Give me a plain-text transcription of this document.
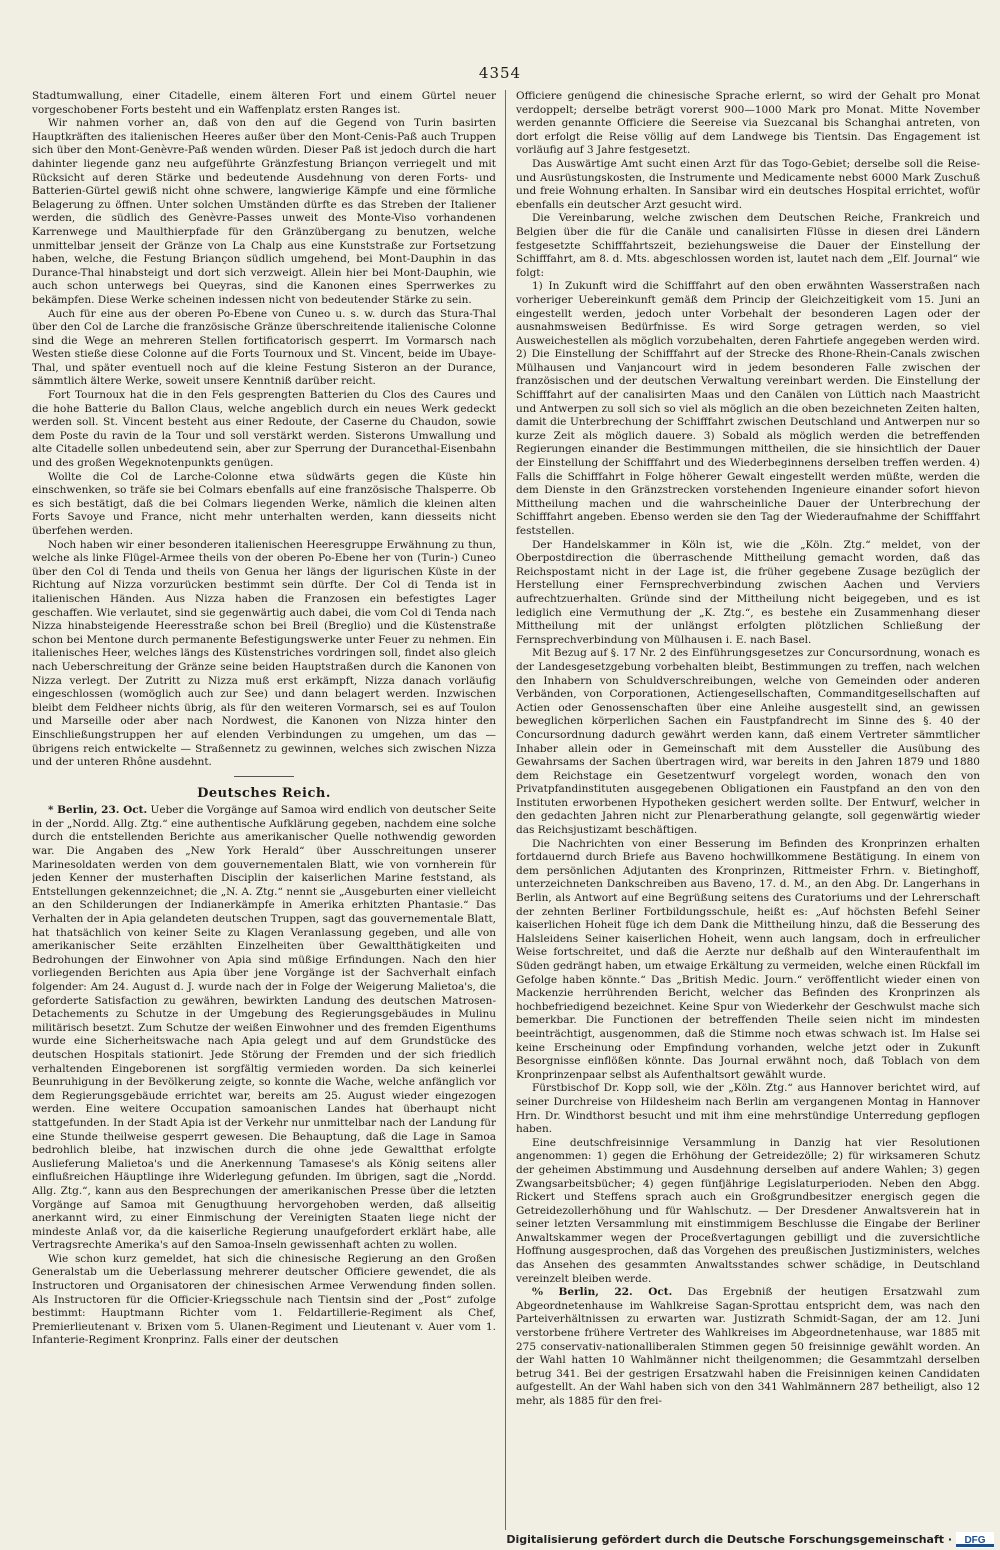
4354

Stadtumwallung, einer Citadelle, einem älteren Fort und einem Gürtel neuer vorgeschobener Forts besteht und ein Waffenplatz ersten Ranges ist.

Wir nahmen vorher an, daß von den auf die Gegend von Turin basirten Hauptkräften des italienischen Heeres außer über den Mont-Cenis-Paß auch Truppen sich über den Mont-Genèvre-Paß wenden würden. Dieser Paß ist jedoch durch die hart dahinter liegende ganz neu aufgeführte Gränzfestung Briançon verriegelt und mit Rücksicht auf deren Stärke und bedeutende Ausdehnung von deren Forts- und Batterien-Gürtel gewiß nicht ohne schwere, langwierige Kämpfe und eine förmliche Belagerung zu öffnen. Unter solchen Umständen dürfte es das Streben der Italiener werden, die südlich des Genèvre-Passes unweit des Monte-Viso vorhandenen Karrenwege und Maulthierpfade für den Gränzübergang zu benutzen, welche unmittelbar jenseit der Gränze von La Chalp aus eine Kunststraße zur Fortsetzung haben, welche, die Festung Briançon südlich umgehend, bei Mont-Dauphin in das Durance-Thal hinabsteigt und dort sich verzweigt. Allein hier bei Mont-Dauphin, wie auch schon unterwegs bei Queyras, sind die Kanonen eines Sperrwerkes zu bekämpfen. Diese Werke scheinen indessen nicht von bedeutender Stärke zu sein.

Auch für eine aus der oberen Po-Ebene von Cuneo u. s. w. durch das Stura-Thal über den Col de Larche die französische Gränze überschreitende italienische Colonne sind die Wege an mehreren Stellen fortificatorisch gesperrt. Im Vormarsch nach Westen stieße diese Colonne auf die Forts Tournoux und St. Vincent, beide im Ubaye-Thal, und später eventuell noch auf die kleine Festung Sisteron an der Durance, sämmtlich ältere Werke, soweit unsere Kenntniß darüber reicht.

Fort Tournoux hat die in den Fels gesprengten Batterien du Clos des Caures und die hohe Batterie du Ballon Claus, welche angeblich durch ein neues Werk gedeckt werden soll. St. Vincent besteht aus einer Redoute, der Caserne du Chaudon, sowie dem Poste du ravin de la Tour und soll verstärkt werden. Sisterons Umwallung und alte Citadelle sollen unbedeutend sein, aber zur Sperrung der Durancethal-Eisenbahn und des großen Wegeknotenpunkts genügen.

Wollte die Col de Larche-Colonne etwa südwärts gegen die Küste hin einschwenken, so träfe sie bei Colmars ebenfalls auf eine französische Thalsperre. Ob es sich bestätigt, daß die bei Colmars liegenden Werke, nämlich die kleinen alten Forts Savoye und France, nicht mehr unterhalten werden, kann diesseits nicht überfehen werden.

Noch haben wir einer besonderen italienischen Heeresgruppe Erwähnung zu thun, welche als linke Flügel-Armee theils von der oberen Po-Ebene her von (Turin-) Cuneo über den Col di Tenda und theils von Genua her längs der ligurischen Küste in der Richtung auf Nizza vorzurücken bestimmt sein dürfte. Der Col di Tenda ist in italienischen Händen. Aus Nizza haben die Franzosen ein befestigtes Lager geschaffen. Wie verlautet, sind sie gegenwärtig auch dabei, die vom Col di Tenda nach Nizza hinabsteigende Heeresstraße schon bei Breil (Breglio) und die Küstenstraße schon bei Mentone durch permanente Befestigungswerke unter Feuer zu nehmen. Ein italienisches Heer, welches längs des Küstenstriches vordringen soll, findet also gleich nach Ueberschreitung der Gränze seine beiden Hauptstraßen durch die Kanonen von Nizza verlegt. Der Zutritt zu Nizza muß erst erkämpft, Nizza danach vorläufig eingeschlossen (womöglich auch zur See) und dann belagert werden. Inzwischen bleibt dem Feldheer nichts übrig, als für den weiteren Vormarsch, sei es auf Toulon und Marseille oder aber nach Nordwest, die Kanonen von Nizza hinter den Einschließungstruppen her auf elenden Verbindungen zu umgehen, um das — übrigens reich entwickelte — Straßennetz zu gewinnen, welches sich zwischen Nizza und der unteren Rhône ausdehnt.

Deutsches Reich.

* Berlin, 23. Oct. Ueber die Vorgänge auf Samoa wird endlich von deutscher Seite in der „Nordd. Allg. Ztg.“ eine authentische Aufklärung gegeben, nachdem eine solche durch die entstellenden Berichte aus amerikanischer Quelle nothwendig geworden war. Die Angaben des „New York Herald“ über Ausschreitungen unserer Marinesoldaten werden von dem gouvernementalen Blatt, wie von vornherein für jeden Kenner der musterhaften Disciplin der kaiserlichen Marine feststand, als Entstellungen gekennzeichnet; die „N. A. Ztg.“ nennt sie „Ausgeburten einer vielleicht an den Schilderungen der Indianerkämpfe in Amerika erhitzten Phantasie.“ Das Verhalten der in Apia gelandeten deutschen Truppen, sagt das gouvernementale Blatt, hat thatsächlich von keiner Seite zu Klagen Veranlassung gegeben, und alle von amerikanischer Seite erzählten Einzelheiten über Gewaltthätigkeiten und Bedrohungen der Einwohner von Apia sind müßige Erfindungen. Nach den hier vorliegenden Berichten aus Apia über jene Vorgänge ist der Sachverhalt einfach folgender: Am 24. August d. J. wurde nach der in Folge der Weigerung Malietoa's, die geforderte Satisfaction zu gewähren, bewirkten Landung des deutschen Matrosen-Detachements zu Schutze in der Umgebung des Regierungsgebäudes in Mulinu militärisch besetzt. Zum Schutze der weißen Einwohner und des fremden Eigenthums wurde eine Sicherheitswache nach Apia gelegt und auf dem Grundstücke des deutschen Hospitals stationirt. Jede Störung der Fremden und der sich friedlich verhaltenden Eingeborenen ist sorgfältig vermieden worden. Da sich keinerlei Beunruhigung in der Bevölkerung zeigte, so konnte die Wache, welche anfänglich vor dem Regierungsgebäude errichtet war, bereits am 25. August wieder eingezogen werden. Eine weitere Occupation samoanischen Landes hat überhaupt nicht stattgefunden. In der Stadt Apia ist der Verkehr nur unmittelbar nach der Landung für eine Stunde theilweise gesperrt gewesen. Die Behauptung, daß die Lage in Samoa bedrohlich bleibe, hat inzwischen durch die ohne jede Gewaltthat erfolgte Auslieferung Malietoa's und die Anerkennung Tamasese's als König seitens aller einflußreichen Häuptlinge ihre Widerlegung gefunden. Im übrigen, sagt die „Nordd. Allg. Ztg.“, kann aus den Besprechungen der amerikanischen Presse über die letzten Vorgänge auf Samoa mit Genugthuung hervorgehoben werden, daß allseitig anerkannt wird, zu einer Einmischung der Vereinigten Staaten liege nicht der mindeste Anlaß vor, da die kaiserliche Regierung unaufgefordert erklärt habe, alle Vertragsrechte Amerika's auf den Samoa-Inseln gewissenhaft achten zu wollen.

Wie schon kurz gemeldet, hat sich die chinesische Regierung an den Großen Generalstab um die Ueberlassung mehrerer deutscher Officiere gewendet, die als Instructoren und Organisatoren der chinesischen Armee Verwendung finden sollen. Als Instructoren für die Officier-Kriegsschule nach Tientsin sind der „Post“ zufolge bestimmt: Hauptmann Richter vom 1. Feldartillerie-Regiment als Chef, Premierlieutenant v. Brixen vom 5. Ulanen-Regiment und Lieutenant v. Auer vom 1. Infanterie-Regiment Kronprinz. Falls einer der deutschen

Officiere genügend die chinesische Sprache erlernt, so wird der Gehalt pro Monat verdoppelt; derselbe beträgt vorerst 900—1000 Mark pro Monat. Mitte November werden genannte Officiere die Seereise via Suezcanal bis Schanghai antreten, von dort erfolgt die Reise völlig auf dem Landwege bis Tientsin. Das Engagement ist vorläufig auf 3 Jahre festgesetzt.

Das Auswärtige Amt sucht einen Arzt für das Togo-Gebiet; derselbe soll die Reise- und Ausrüstungskosten, die Instrumente und Medicamente nebst 6000 Mark Zuschuß und freie Wohnung erhalten. In Sansibar wird ein deutsches Hospital errichtet, wofür ebenfalls ein deutscher Arzt gesucht wird.

Die Vereinbarung, welche zwischen dem Deutschen Reiche, Frankreich und Belgien über die für die Canäle und canalisirten Flüsse in diesen drei Ländern festgesetzte Schifffahrtszeit, beziehungsweise die Dauer der Einstellung der Schifffahrt, am 8. d. Mts. abgeschlossen worden ist, lautet nach dem „Elf. Journal“ wie folgt:

1) In Zukunft wird die Schifffahrt auf den oben erwähnten Wasserstraßen nach vorheriger Uebereinkunft gemäß dem Princip der Gleichzeitigkeit vom 15. Juni an eingestellt werden, jedoch unter Vorbehalt der besonderen Lagen oder der ausnahmsweisen Bedürfnisse. Es wird Sorge getragen werden, so viel Ausweichestellen als möglich vorzubehalten, deren Fahrtiefe angegeben werden wird. 2) Die Einstellung der Schifffahrt auf der Strecke des Rhone-Rhein-Canals zwischen Mülhausen und Vanjancourt wird in jedem besonderen Falle zwischen der französischen und der deutschen Verwaltung vereinbart werden. Die Einstellung der Schifffahrt auf der canalisirten Maas und den Canälen von Lüttich nach Maastricht und Antwerpen zu soll sich so viel als möglich an die oben bezeichneten Zeiten halten, damit die Unterbrechung der Schifffahrt zwischen Deutschland und Antwerpen nur so kurze Zeit als möglich dauere. 3) Sobald als möglich werden die betreffenden Regierungen einander die Bestimmungen mittheilen, die sie hinsichtlich der Dauer der Einstellung der Schifffahrt und des Wiederbeginnens derselben treffen werden. 4) Falls die Schifffahrt in Folge höherer Gewalt eingestellt werden müßte, werden die dem Dienste in den Gränzstrecken vorstehenden Ingenieure einander sofort hievon Mittheilung machen und die wahrscheinliche Dauer der Unterbrechung der Schifffahrt angeben. Ebenso werden sie den Tag der Wiederaufnahme der Schifffahrt feststellen.

Der Handelskammer in Köln ist, wie die „Köln. Ztg.“ meldet, von der Oberpostdirection die überraschende Mittheilung gemacht worden, daß das Reichspostamt nicht in der Lage ist, die früher gegebene Zusage bezüglich der Herstellung einer Fernsprechverbindung zwischen Aachen und Verviers aufrechtzuerhalten. Gründe sind der Mittheilung nicht beigegeben, und es ist lediglich eine Vermuthung der „K. Ztg.“, es bestehe ein Zusammenhang dieser Mittheilung mit der unlängst erfolgten plötzlichen Schließung der Fernsprechverbindung von Mülhausen i. E. nach Basel.

Mit Bezug auf §. 17 Nr. 2 des Einführungsgesetzes zur Concursordnung, wonach es der Landesgesetzgebung vorbehalten bleibt, Bestimmungen zu treffen, nach welchen den Inhabern von Schuldverschreibungen, welche von Gemeinden oder anderen Verbänden, von Corporationen, Actiengesellschaften, Commanditgesellschaften auf Actien oder Genossenschaften über eine Anleihe ausgestellt sind, an gewissen beweglichen körperlichen Sachen ein Faustpfandrecht im Sinne des §. 40 der Concursordnung dadurch gewährt werden kann, daß einem Vertreter sämmtlicher Inhaber allein oder in Gemeinschaft mit dem Aussteller die Ausübung des Gewahrsams der Sachen übertragen wird, war bereits in den Jahren 1879 und 1880 dem Reichstage ein Gesetzentwurf vorgelegt worden, wonach den von Privatpfandinstituten ausgegebenen Obligationen ein Faustpfand an den von den Instituten erworbenen Hypotheken gesichert werden sollte. Der Entwurf, welcher in den gedachten Jahren nicht zur Plenarberathung gelangte, soll gegenwärtig wieder das Reichsjustizamt beschäftigen.

Die Nachrichten von einer Besserung im Befinden des Kronprinzen erhalten fortdauernd durch Briefe aus Baveno hochwillkommene Bestätigung. In einem von dem persönlichen Adjutanten des Kronprinzen, Rittmeister Frhrn. v. Bietinghoff, unterzeichneten Dankschreiben aus Baveno, 17. d. M., an den Abg. Dr. Langerhans in Berlin, als Antwort auf eine Begrüßung seitens des Curatoriums und der Lehrerschaft der zehnten Berliner Fortbildungsschule, heißt es: „Auf höchsten Befehl Seiner kaiserlichen Hoheit füge ich dem Dank die Mittheilung hinzu, daß die Besserung des Halsleidens Seiner kaiserlichen Hoheit, wenn auch langsam, doch in erfreulicher Weise fortschreitet, und daß die Aerzte nur deßhalb auf den Winteraufenthalt im Süden gedrängt haben, um etwaige Erkältung zu vermeiden, welche einen Rückfall im Gefolge haben könnte.“ Das „British Medic. Journ.“ veröffentlicht wieder einen von Mackenzie herrührenden Bericht, welcher das Befinden des Kronprinzen als hochbefriedigend bezeichnet. Keine Spur von Wiederkehr der Geschwulst mache sich bemerkbar. Die Functionen der betreffenden Theile seien nicht im mindesten beeinträchtigt, ausgenommen, daß die Stimme noch etwas schwach ist. Im Halse sei keine Erscheinung oder Empfindung vorhanden, welche jetzt oder in Zukunft Besorgnisse einflößen könnte. Das Journal erwähnt noch, daß Toblach von dem Kronprinzenpaar selbst als Aufenthaltsort gewählt wurde.

Fürstbischof Dr. Kopp soll, wie der „Köln. Ztg.“ aus Hannover berichtet wird, auf seiner Durchreise von Hildesheim nach Berlin am vergangenen Montag in Hannover Hrn. Dr. Windthorst besucht und mit ihm eine mehrstündige Unterredung gepflogen haben.

Eine deutschfreisinnige Versammlung in Danzig hat vier Resolutionen angenommen: 1) gegen die Erhöhung der Getreidezölle; 2) für wirksameren Schutz der geheimen Abstimmung und Ausdehnung derselben auf andere Wahlen; 3) gegen Zwangsarbeitsbücher; 4) gegen fünfjährige Legislaturperioden. Neben den Abgg. Rickert und Steffens sprach auch ein Großgrundbesitzer energisch gegen die Getreidezollerhöhung und für Wahlschutz. — Der Dresdener Anwaltsverein hat in seiner letzten Versammlung mit einstimmigem Beschlusse die Eingabe der Berliner Anwaltskammer wegen der Proceßvertagungen gebilligt und die zuversichtliche Hoffnung ausgesprochen, daß das Vorgehen des preußischen Justizministers, welches das Ansehen des gesammten Anwaltsstandes schwer schädige, in Deutschland vereinzelt bleiben werde.

⁰⁄₀ Berlin, 22. Oct. Das Ergebniß der heutigen Ersatzwahl zum Abgeordnetenhause im Wahlkreise Sagan-Sprottau entspricht dem, was nach den Parteiverhältnissen zu erwarten war. Justizrath Schmidt-Sagan, der am 12. Juni verstorbene frühere Vertreter des Wahlkreises im Abgeordnetenhause, war 1885 mit 275 conservativ-nationalliberalen Stimmen gegen 50 freisinnige gewählt worden. An der Wahl hatten 10 Wahlmänner nicht theilgenommen; die Gesammtzahl derselben betrug 341. Bei der gestrigen Ersatzwahl haben die Freisinnigen keinen Candidaten aufgestellt. An der Wahl haben sich von den 341 Wahlmännern 287 betheiligt, also 12 mehr, als 1885 für den frei-

Digitalisierung gefördert durch die Deutsche Forschungsgemeinschaft · DFG
